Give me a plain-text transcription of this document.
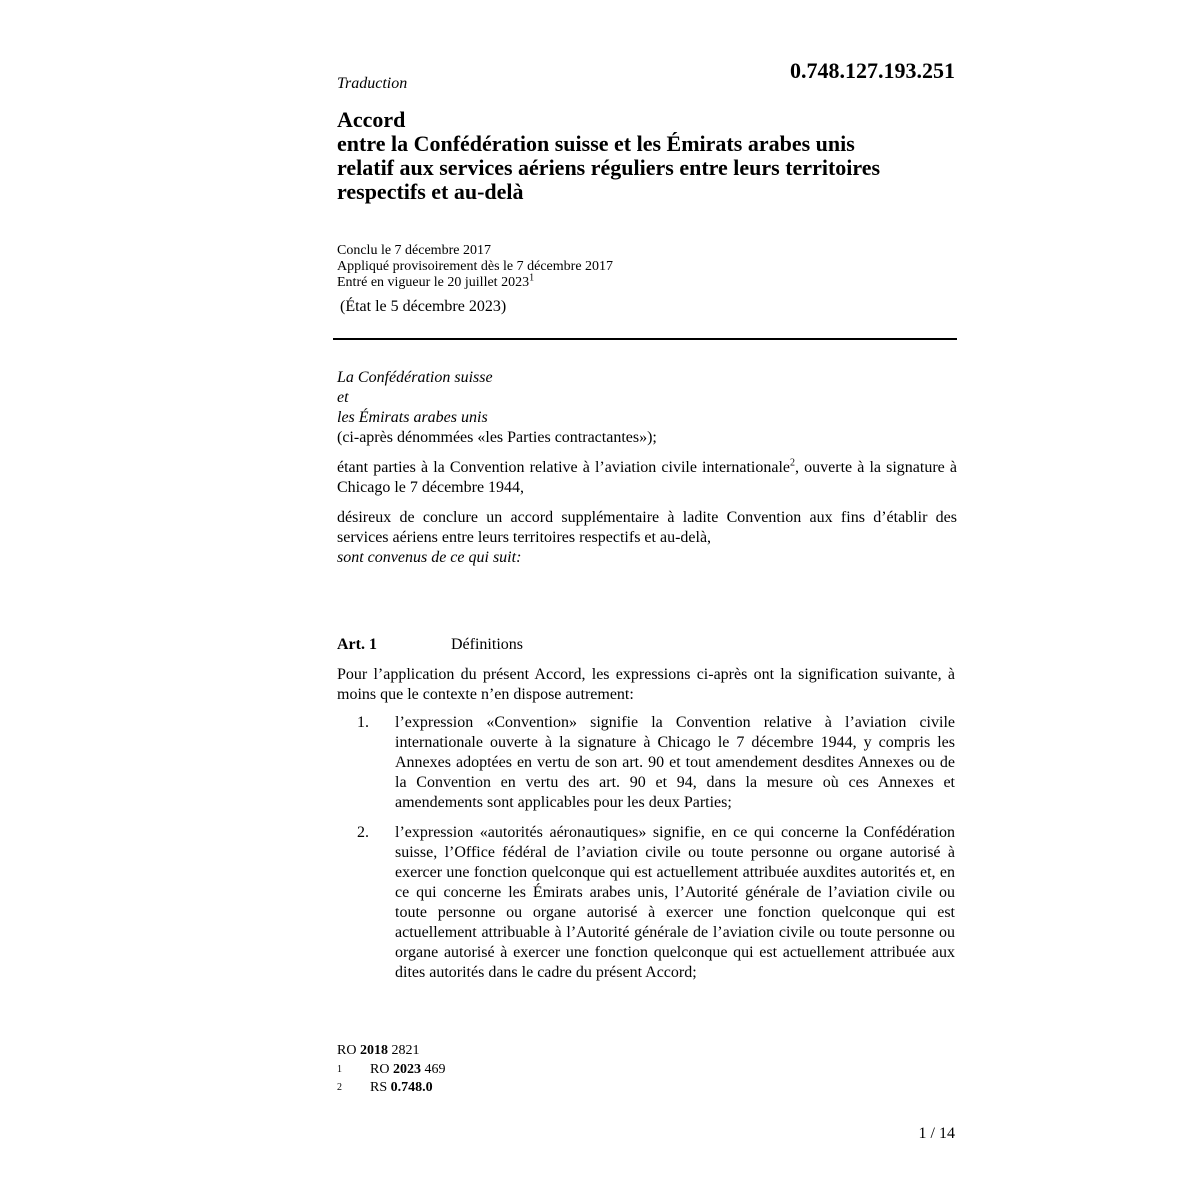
0.748.127.193.251
Traduction
Accord
entre la Confédération suisse et les Émirats arabes unis
relatif aux services aériens réguliers entre leurs territoires
respectifs et au-delà
Conclu le 7 décembre 2017
Appliqué provisoirement dès le 7 décembre 2017
Entré en vigueur le 20 juillet 2023$^1$
(État le 5 décembre 2023)

La Confédération suisse

et

les Émirats arabes unis

(ci-après dénommées «les Parties contractantes»);

étant parties à la Convention relative à l’aviation civile internationale$^2$, ouverte à la signature à Chicago le 7 décembre 1944,

désireux de conclure un accord supplémentaire à ladite Convention aux fins d’établir des services aériens entre leurs territoires respectifs et au-delà,

sont convenus de ce qui suit:

Art. 1	Définitions
Pour l’application du présent Accord, les expressions ci-après ont la signification suivante, à moins que le contexte n’en dispose autrement:
1.	l’expression «Convention» signifie la Convention relative à l’aviation civile internationale ouverte à la signature à Chicago le 7 décembre 1944, y compris les Annexes adoptées en vertu de son art. 90 et tout amendement desdites Annexes ou de la Convention en vertu des art. 90 et 94, dans la mesure où ces Annexes et amendements sont applicables pour les deux Parties;
2.	l’expression «autorités aéronautiques» signifie, en ce qui concerne la Confédération suisse, l’Office fédéral de l’aviation civile ou toute personne ou organe autorisé à exercer une fonction quelconque qui est actuellement attribuée auxdites autorités et, en ce qui concerne les Émirats arabes unis, l’Autorité générale de l’aviation civile ou toute personne ou organe autorisé à exercer une fonction quelconque qui est actuellement attribuable à l’Autorité générale de l’aviation civile ou toute personne ou organe autorisé à exercer une fonction quelconque qui est actuellement attribuée aux dites autorités dans le cadre du présent Accord;
RO 2018 2821
1 RO 2023 469
2 RS 0.748.0
1 / 14
